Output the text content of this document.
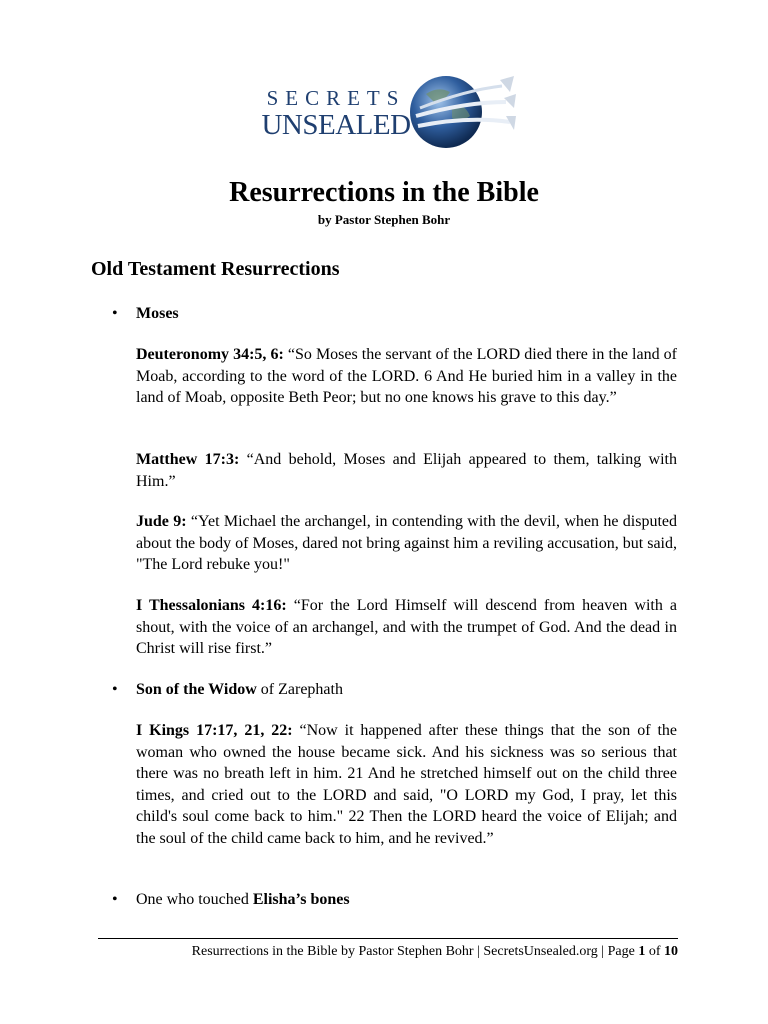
SECRETS
UNSEALED
Resurrections in the Bible
by Pastor Stephen Bohr
Old Testament Resurrections
•	Moses
Deuteronomy 34:5, 6: “So Moses the servant of the LORD died there in the land of Moab, according to the word of the LORD. 6 And He buried him in a valley in the land of Moab, opposite Beth Peor; but no one knows his grave to this day.”
Matthew 17:3: “And behold, Moses and Elijah appeared to them, talking with Him.”
Jude 9: “Yet Michael the archangel, in contending with the devil, when he disputed about the body of Moses, dared not bring against him a reviling accusation, but said, "The Lord rebuke you!"
I Thessalonians 4:16: “For the Lord Himself will descend from heaven with a shout, with the voice of an archangel, and with the trumpet of God. And the dead in Christ will rise first.”
•	Son of the Widow of Zarephath
I Kings 17:17, 21, 22: “Now it happened after these things that the son of the woman who owned the house became sick. And his sickness was so serious that there was no breath left in him. 21 And he stretched himself out on the child three times, and cried out to the LORD and said, "O LORD my God, I pray, let this child's soul come back to him." 22 Then the LORD heard the voice of Elijah; and the soul of the child came back to him, and he revived.”
•	One who touched Elisha’s bones
Resurrections in the Bible by Pastor Stephen Bohr | SecretsUnsealed.org | Page 1 of 10
